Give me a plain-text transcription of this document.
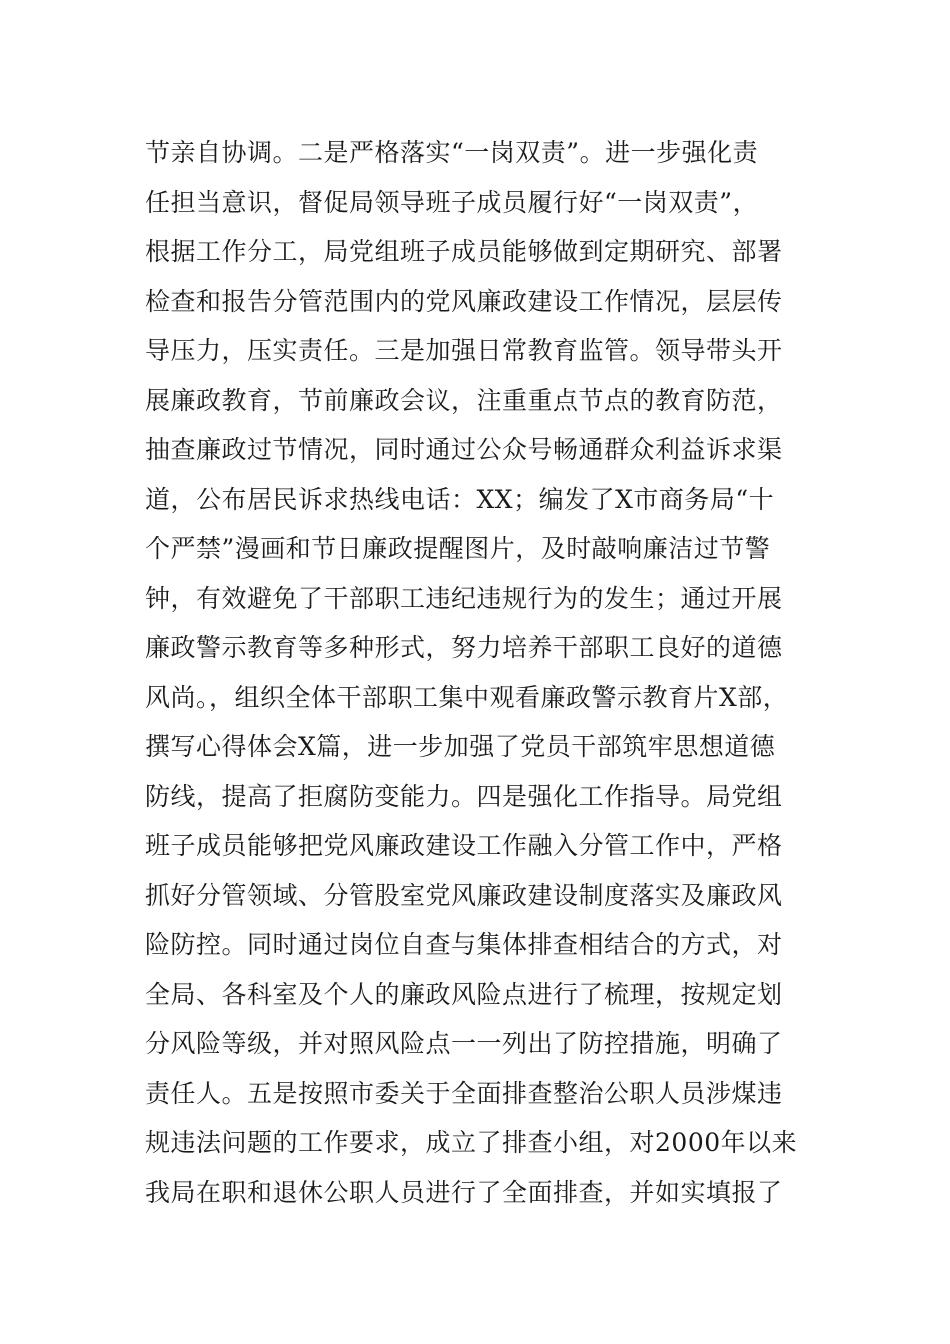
节亲自协调。二是严格落实“一岗双责”。进一步强化责
任担当意识，督促局领导班子成员履行好“一岗双责”，
根据工作分工，局党组班子成员能够做到定期研究、部署
检查和报告分管范围内的党风廉政建设工作情况，层层传
导压力，压实责任。三是加强日常教育监管。领导带头开
展廉政教育，节前廉政会议，注重重点节点的教育防范，
抽查廉政过节情况，同时通过公众号畅通群众利益诉求渠
道，公布居民诉求热线电话：XX；编发了X市商务局“十
个严禁”漫画和节日廉政提醒图片，及时敲响廉洁过节警
钟，有效避免了干部职工违纪违规行为的发生；通过开展
廉政警示教育等多种形式，努力培养干部职工良好的道德
风尚。，组织全体干部职工集中观看廉政警示教育片X部，
撰写心得体会X篇，进一步加强了党员干部筑牢思想道德
防线，提高了拒腐防变能力。四是强化工作指导。局党组
班子成员能够把党风廉政建设工作融入分管工作中，严格
抓好分管领域、分管股室党风廉政建设制度落实及廉政风
险防控。同时通过岗位自查与集体排查相结合的方式，对
全局、各科室及个人的廉政风险点进行了梳理，按规定划
分风险等级，并对照风险点一一列出了防控措施，明确了
责任人。五是按照市委关于全面排查整治公职人员涉煤违
规违法问题的工作要求，成立了排查小组，对2000年以来
我局在职和退休公职人员进行了全面排查，并如实填报了
